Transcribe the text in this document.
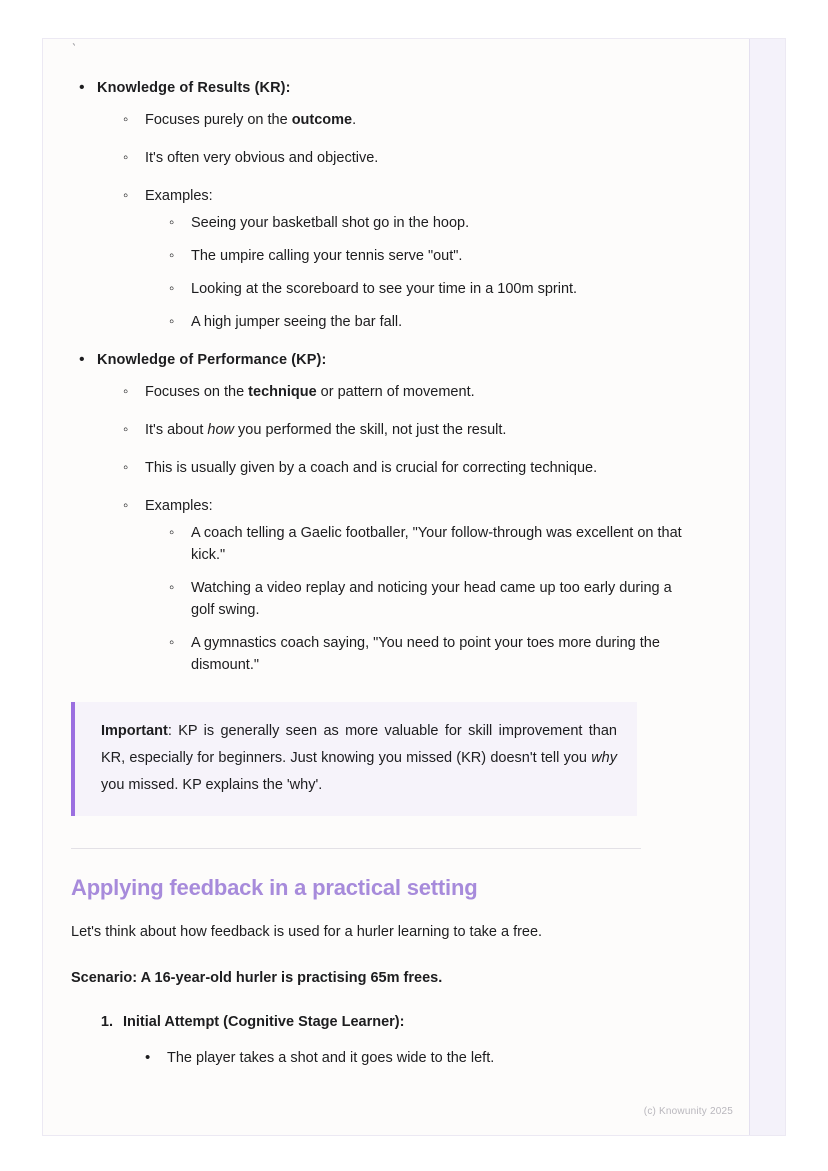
`
• Knowledge of Results (KR):
◦ Focuses purely on the outcome.
◦ It's often very obvious and objective.
◦ Examples:
◦ Seeing your basketball shot go in the hoop.
◦ The umpire calling your tennis serve "out".
◦ Looking at the scoreboard to see your time in a 100m sprint.
◦ A high jumper seeing the bar fall.
• Knowledge of Performance (KP):
◦ Focuses on the technique or pattern of movement.
◦ It's about how you performed the skill, not just the result.
◦ This is usually given by a coach and is crucial for correcting technique.
◦ Examples:
◦ A coach telling a Gaelic footballer, "Your follow-through was excellent on that kick."
◦ Watching a video replay and noticing your head came up too early during a golf swing.
◦ A gymnastics coach saying, "You need to point your toes more during the dismount."

Important: KP is generally seen as more valuable for skill improvement than KR, especially for beginners. Just knowing you missed (KR) doesn't tell you why you missed. KP explains the 'why'.

Applying feedback in a practical setting

Let's think about how feedback is used for a hurler learning to take a free.

Scenario: A 16-year-old hurler is practising 65m frees.

1. Initial Attempt (Cognitive Stage Learner):
• The player takes a shot and it goes wide to the left.
(c) Knowunity 2025
